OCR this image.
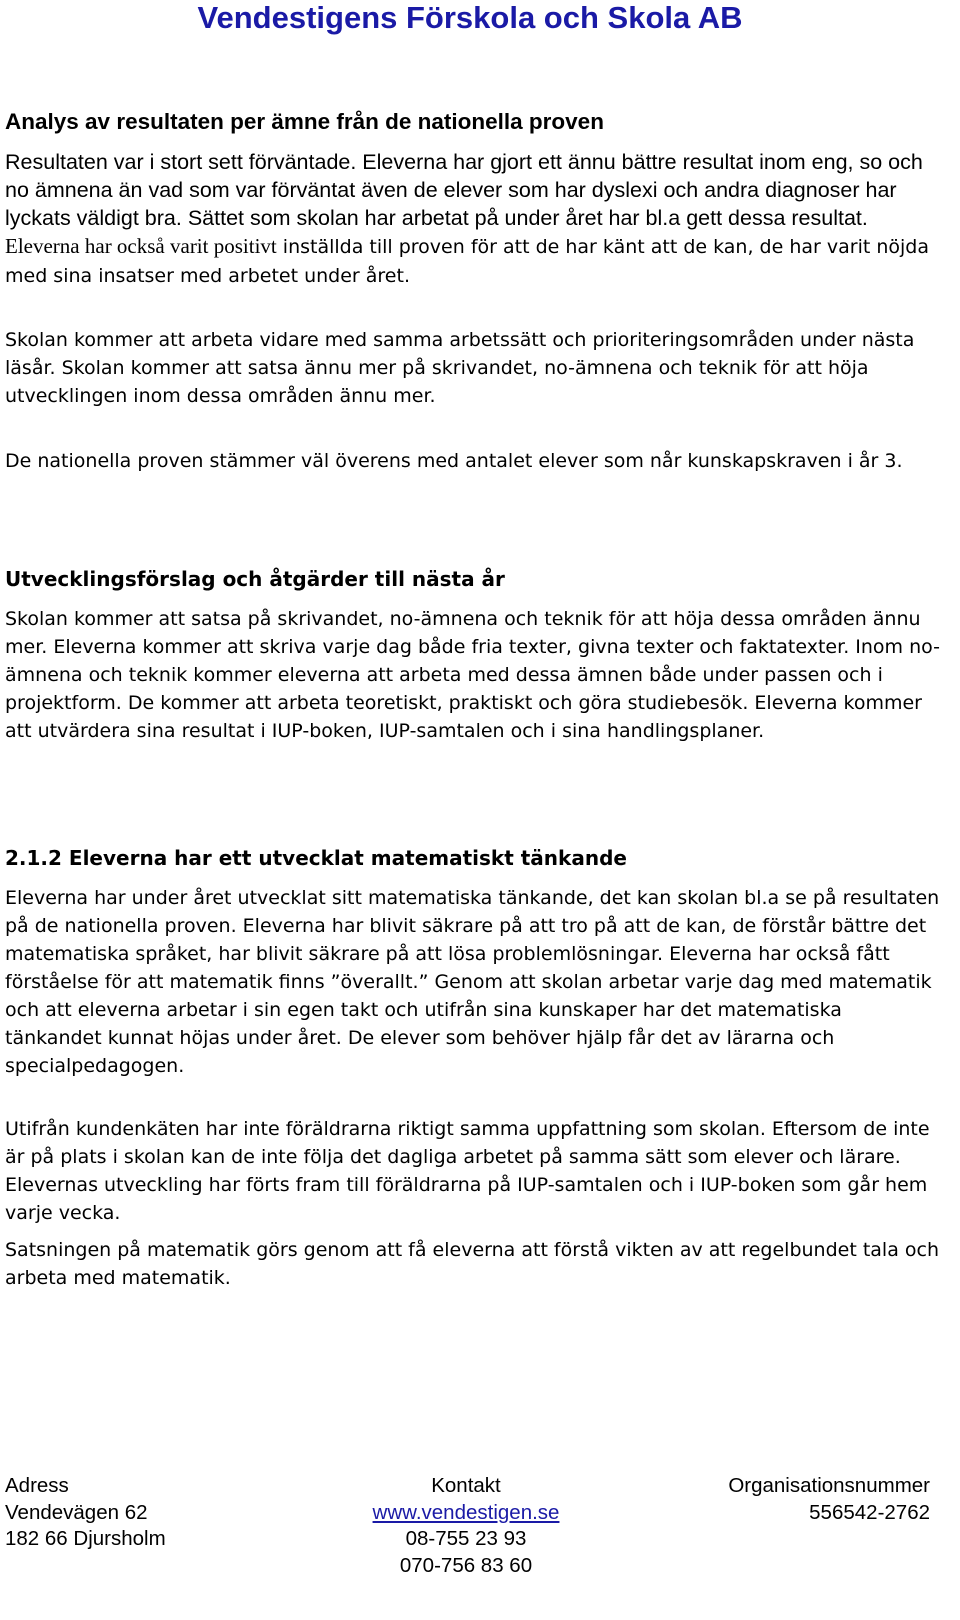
Vendestigens Förskola och Skola AB
Analys av resultaten per ämne från de nationella proven

Resultaten var i stort sett förväntade. Eleverna har gjort ett ännu bättre resultat inom eng, so och no ämnena än vad som var förväntat även de elever som har dyslexi och andra diagnoser har lyckats väldigt bra. Sättet som skolan har arbetat på under året har bl.a gett dessa resultat. Eleverna har också varit positivt inställda till proven för att de har känt att de kan, de har varit nöjda med sina insatser med arbetet under året.

Skolan kommer att arbeta vidare med samma arbetssätt och prioriteringsområden under nästa läsår. Skolan kommer att satsa ännu mer på skrivandet, no-ämnena och teknik för att höja utvecklingen inom dessa områden ännu mer.

De nationella proven stämmer väl överens med antalet elever som når kunskapskraven i år 3.

Utvecklingsförslag och åtgärder till nästa år

Skolan kommer att satsa på skrivandet, no-ämnena och teknik för att höja dessa områden ännu mer. Eleverna kommer att skriva varje dag både fria texter, givna texter och faktatexter. Inom no-ämnena och teknik kommer eleverna att arbeta med dessa ämnen både under passen och i projektform. De kommer att arbeta teoretiskt, praktiskt och göra studiebesök. Eleverna kommer att utvärdera sina resultat i IUP-boken, IUP-samtalen och i sina handlingsplaner.

2.1.2 Eleverna har ett utvecklat matematiskt tänkande

Eleverna har under året utvecklat sitt matematiska tänkande, det kan skolan bl.a se på resultaten på de nationella proven. Eleverna har blivit säkrare på att tro på att de kan, de förstår bättre det matematiska språket, har blivit säkrare på att lösa problemlösningar. Eleverna har också fått förståelse för att matematik finns ”överallt.” Genom att skolan arbetar varje dag med matematik och att eleverna arbetar i sin egen takt och utifrån sina kunskaper har det matematiska tänkandet kunnat höjas under året. De elever som behöver hjälp får det av lärarna och specialpedagogen.

Utifrån kundenkäten har inte föräldrarna riktigt samma uppfattning som skolan. Eftersom de inte är på plats i skolan kan de inte följa det dagliga arbetet på samma sätt som elever och lärare. Elevernas utveckling har förts fram till föräldrarna på IUP-samtalen och i IUP-boken som går hem varje vecka.

Satsningen på matematik görs genom att få eleverna att förstå vikten av att regelbundet tala och arbeta med matematik.

Adress
Vendevägen 62
182 66 Djursholm
Kontakt
www.vendestigen.se
08-755 23 93
070-756 83 60
Organisationsnummer
556542-2762
